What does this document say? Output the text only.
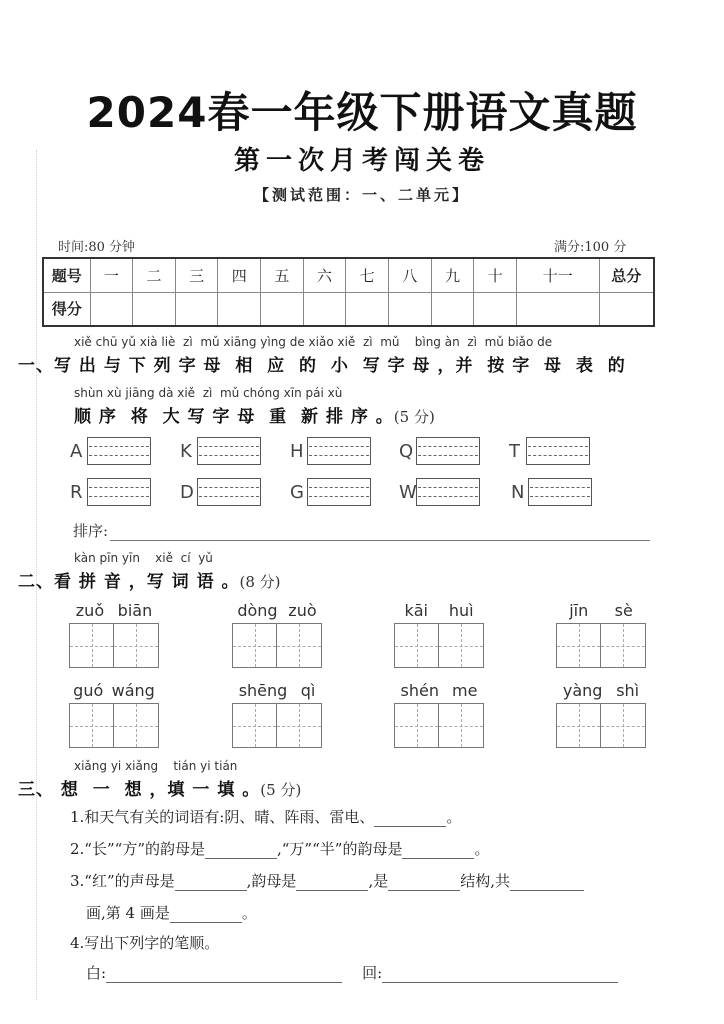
2024春一年级下册语文真题
第一次月考闯关卷
【测试范围：一、二单元】
时间:80 分钟	满分:100 分
题号	一	二	三	四	五	六	七	八	九	十	十一	总分
得分												
xiě chū yǔ xià liè  zì  mǔ xiāng yìng de xiǎo xiě  zì  mǔ    bìng àn  zì  mǔ biǎo de
一、写 出 与 下 列 字 母  相  应  的  小  写 字 母 ，并  按 字  母  表  的
shùn xù jiāng dà xiě  zì  mǔ chóng xīn pái xù
顺 序  将  大 写 字 母  重  新 排 序 。(5 分)
A	K	H	Q	T
R	D	G	W	N
排序:
kàn pīn yīn    xiě  cí  yǔ
二、看 拼 音 ，写 词 语 。(8 分)
zuǒ biān	dòng zuò	kāi huì	jīn sè
guó wáng	shēng qì	shén me	yàng shì
xiǎng yi xiǎng    tián yi tián
三、 想  一  想 ，填 一 填 。(5 分)
1.和天气有关的词语有:阴、晴、阵雨、雷电、	。
2.“长”“方”的韵母是	,“万”“半”的韵母是	。
3.“红”的声母是	,韵母是	,是	结构,共
画,第 4 画是	。
4.写出下列字的笔顺。
白:	回:
